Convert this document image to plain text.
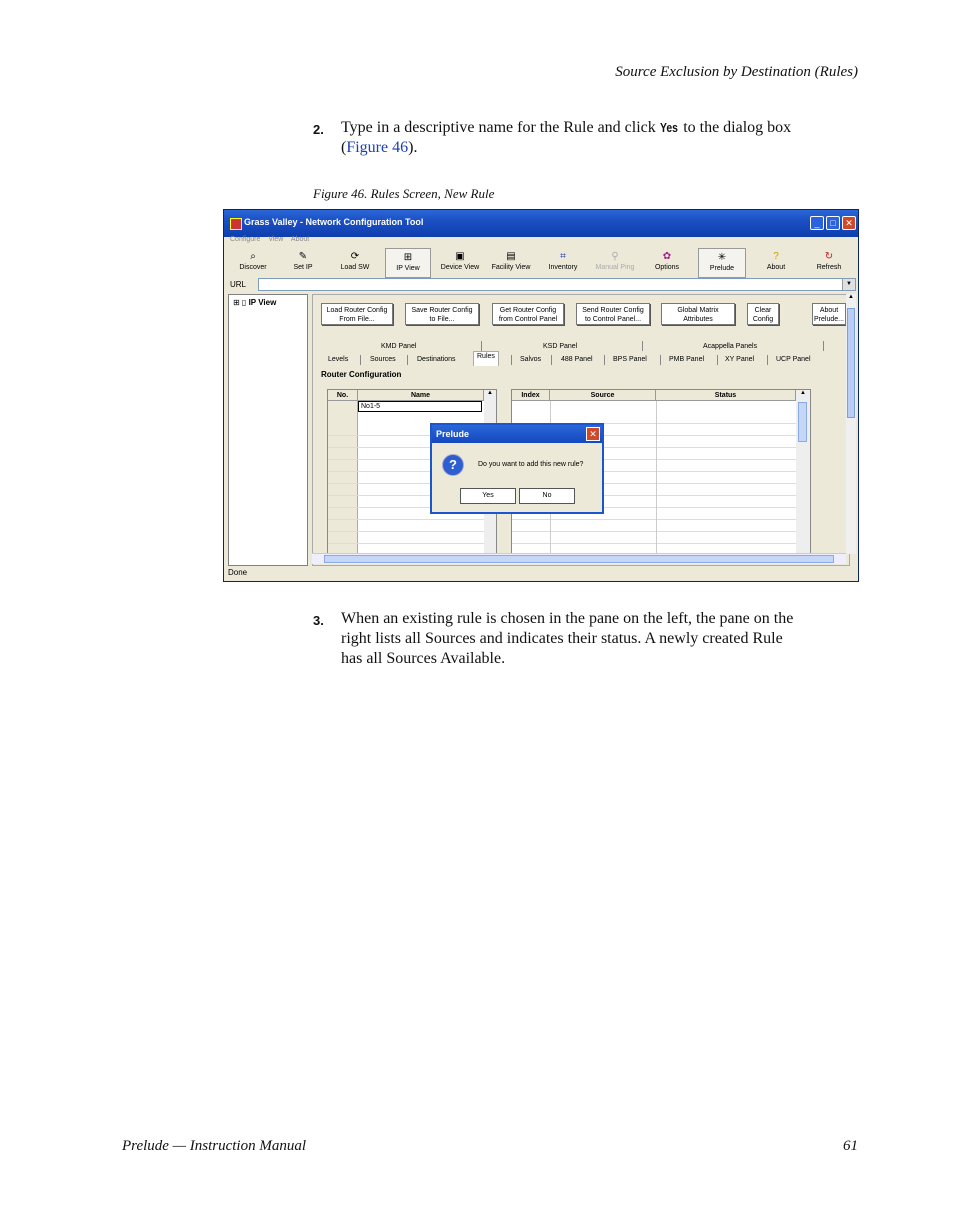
Source Exclusion by Destination (Rules)
2. Type in a descriptive name for the Rule and click Yes to the dialog box
(Figure 46).
Figure 46. Rules Screen, New Rule
Grass Valley - Network Configuration Tool	_	□	✕
Configure View About
⌕
Discover
✎
Set IP
⟳
Load SW
⊞
IP View
▣
Device View
▤
Facility View
⌗
Inventory
⚲
Manual Ping
✿
Options
✳
Prelude
?
About
↻
Refresh
URL	▼
⊞ ▯ IP View
Load Router Config
From File...
Save Router Config
to File...
Get Router Config
from Control Panel
Send Router Config
to Control Panel...
Global Matrix
Attributes
Clear
Config
About
Prelude...
KMD Panel	KSD Panel	Acappella Panels
Levels	Sources	Destinations	Rules	Salvos	488 Panel	BPS Panel	PMB Panel	XY Panel	UCP Panel
Router Configuration
No.	Name
No1-5
▲	Index	Source	Status	▲
▲
Prelude	✕
?	Do you want to add this new rule?
Yes	No
Done
3. When an existing rule is chosen in the pane on the left, the pane on the
right lists all Sources and indicates their status. A newly created Rule
has all Sources Available.
Prelude — Instruction Manual	61
